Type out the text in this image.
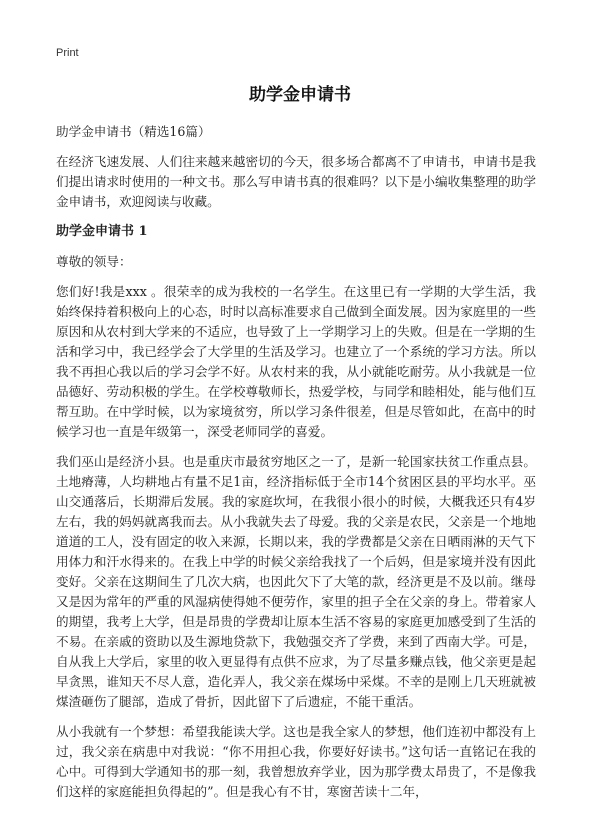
Print
助学金申请书

助学金申请书（精选16篇）

在经济飞速发展、人们往来越来越密切的今天，很多场合都离不了申请书，申请书是我们提出请求时使用的一种文书。那么写申请书真的很难吗？以下是小编收集整理的助学金申请书，欢迎阅读与收藏。

助学金申请书 1

尊敬的领导：

您们好!我是xxx 。很荣幸的成为我校的一名学生。在这里已有一学期的大学生活，我始终保持着积极向上的心态，时时以高标准要求自己做到全面发展。因为家庭里的一些原因和从农村到大学来的不适应，也导致了上一学期学习上的失败。但是在一学期的生活和学习中，我已经学会了大学里的生活及学习。也建立了一个系统的学习方法。所以我不再担心我以后的学习会学不好。从农村来的我，从小就能吃耐劳。从小我就是一位品德好、劳动积极的学生。在学校尊敬师长，热爱学校，与同学和睦相处，能与他们互帮互助。在中学时候，以为家境贫穷，所以学习条件很差，但是尽管如此，在高中的时候学习也一直是年级第一，深受老师同学的喜爱。

我们巫山是经济小县。也是重庆市最贫穷地区之一了，是新一轮国家扶贫工作重点县。土地瘠薄，人均耕地占有量不足1亩，经济指标低于全市14个贫困区县的平均水平。巫山交通落后，长期滞后发展。我的家庭坎坷，在我很小很小的时候，大概我还只有4岁左右，我的妈妈就离我而去。从小我就失去了母爱。我的父亲是农民，父亲是一个地地道道的工人，没有固定的收入来源，长期以来，我的学费都是父亲在日晒雨淋的天气下用体力和汗水得来的。在我上中学的时候父亲给我找了一个后妈，但是家境并没有因此变好。父亲在这期间生了几次大病，也因此欠下了大笔的款，经济更是不及以前。继母又是因为常年的严重的风湿病使得她不便劳作，家里的担子全在父亲的身上。带着家人的期望，我考上大学，但是昂贵的学费却让原本生活不容易的家庭更加感受到了生活的不易。在亲戚的资助以及生源地贷款下，我勉强交齐了学费，来到了西南大学。可是，自从我上大学后，家里的收入更显得有点供不应求，为了尽量多赚点钱，他父亲更是起早贪黑，谁知天不尽人意，造化弄人，我父亲在煤场中采煤。不幸的是刚上几天班就被煤渣砸伤了腿部，造成了骨折，因此留下了后遗症，不能干重活。

从小我就有一个梦想：希望我能读大学。这也是我全家人的梦想，他们连初中都没有上过，我父亲在病患中对我说：“你不用担心我，你要好好读书。”这句话一直铭记在我的心中。可得到大学通知书的那一刻，我曾想放弃学业，因为那学费太昂贵了，不是像我们这样的家庭能担负得起的”。但是我心有不甘，寒窗苦读十二年，
